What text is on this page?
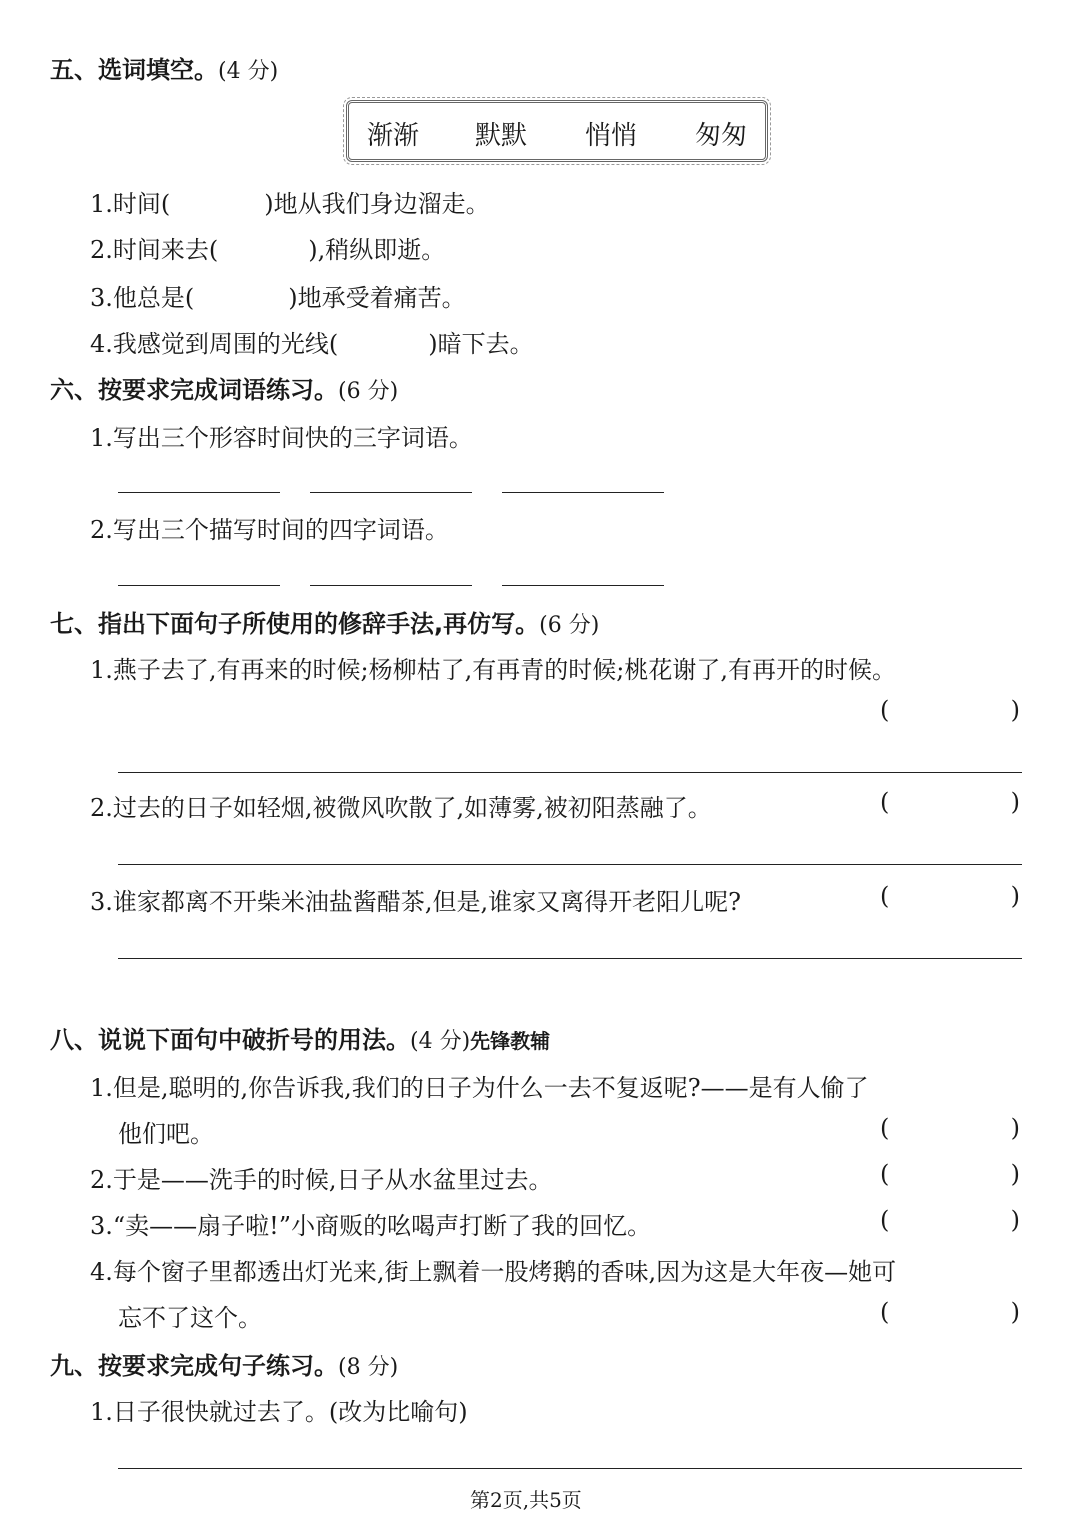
五、选词填空。(4 分)
渐渐 默默 悄悄 匆匆
1.时间(	)地从我们身边溜走。
2.时间来去(	),稍纵即逝。
3.他总是(	)地承受着痛苦。
4.我感觉到周围的光线(	)暗下去。
六、按要求完成词语练习。(6 分)
1.写出三个形容时间快的三字词语。
2.写出三个描写时间的四字词语。
七、指出下面句子所使用的修辞手法,再仿写。(6 分)
1.燕子去了,有再来的时候;杨柳枯了,有再青的时候;桃花谢了,有再开的时候。
(	)
2.过去的日子如轻烟,被微风吹散了,如薄雾,被初阳蒸融了。	(	)
3.谁家都离不开柴米油盐酱醋茶,但是,谁家又离得开老阳儿呢?	(	)
八、说说下面句中破折号的用法。(4 分)先锋教辅
1.但是,聪明的,你告诉我,我们的日子为什么一去不复返呢?——是有人偷了
他们吧。	(	)
2.于是——洗手的时候,日子从水盆里过去。	(	)
3.“卖——扇子啦!”小商贩的吆喝声打断了我的回忆。	(	)
4.每个窗子里都透出灯光来,街上飘着一股烤鹅的香味,因为这是大年夜—她可
忘不了这个。	(	)
九、按要求完成句子练习。(8 分)
1.日子很快就过去了。(改为比喻句)
第2页,共5页
